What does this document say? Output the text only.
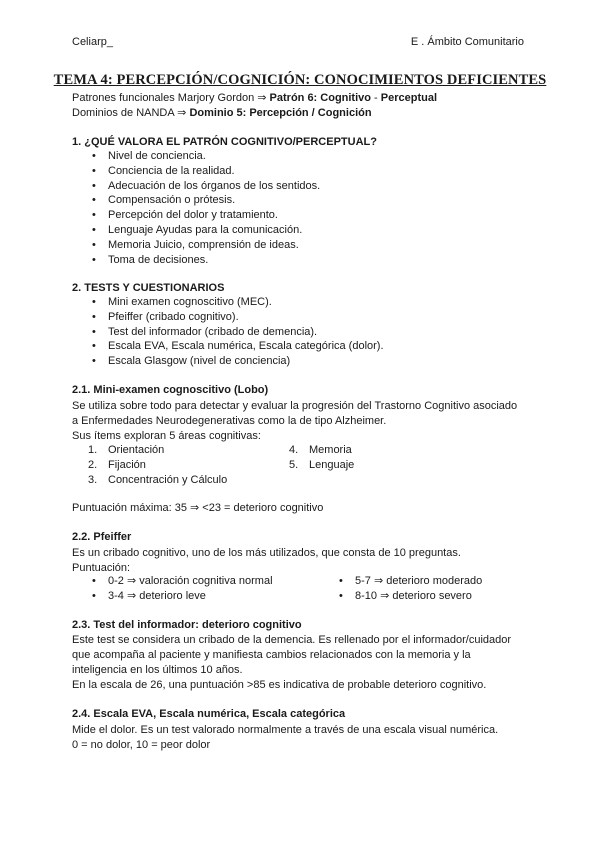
Celiarp_	E . Ámbito Comunitario
TEMA 4: PERCEPCIÓN/COGNICIÓN: CONOCIMIENTOS DEFICIENTES
Patrones funcionales Marjory Gordon ⇒ Patrón 6: Cognitivo - Perceptual
Dominios de NANDA ⇒ Dominio 5: Percepción / Cognición
1. ¿QUÉ VALORA EL PATRÓN COGNITIVO/PERCEPTUAL?
• Nivel de conciencia.
• Conciencia de la realidad.
• Adecuación de los órganos de los sentidos.
• Compensación o prótesis.
• Percepción del dolor y tratamiento.
• Lenguaje Ayudas para la comunicación.
• Memoria Juicio, comprensión de ideas.
• Toma de decisiones.
2. TESTS Y CUESTIONARIOS
• Mini examen cognoscitivo (MEC).
• Pfeiffer (cribado cognitivo).
• Test del informador (cribado de demencia).
• Escala EVA, Escala numérica, Escala categórica (dolor).
• Escala Glasgow (nivel de conciencia)
2.1. Mini-examen cognoscitivo (Lobo)
Se utiliza sobre todo para detectar y evaluar la progresión del Trastorno Cognitivo asociado
a Enfermedades Neurodegenerativas como la de tipo Alzheimer.
Sus ítems exploran 5 áreas cognitivas:
1. Orientación
2. Fijación
3. Concentración y Cálculo
4. Memoria
5. Lenguaje
Puntuación máxima: 35 ⇒ <23 = deterioro cognitivo
2.2. Pfeiffer
Es un cribado cognitivo, uno de los más utilizados, que consta de 10 preguntas.
Puntuación:
• 0-2 ⇒ valoración cognitiva normal
• 3-4 ⇒ deterioro leve
• 5-7 ⇒ deterioro moderado
• 8-10 ⇒ deterioro severo
2.3. Test del informador: deterioro cognitivo
Este test se considera un cribado de la demencia. Es rellenado por el informador/cuidador
que acompaña al paciente y manifiesta cambios relacionados con la memoria y la
inteligencia en los últimos 10 años.
En la escala de 26, una puntuación >85 es indicativa de probable deterioro cognitivo.
2.4. Escala EVA, Escala numérica, Escala categórica
Mide el dolor. Es un test valorado normalmente a través de una escala visual numérica.
0 = no dolor, 10 = peor dolor
